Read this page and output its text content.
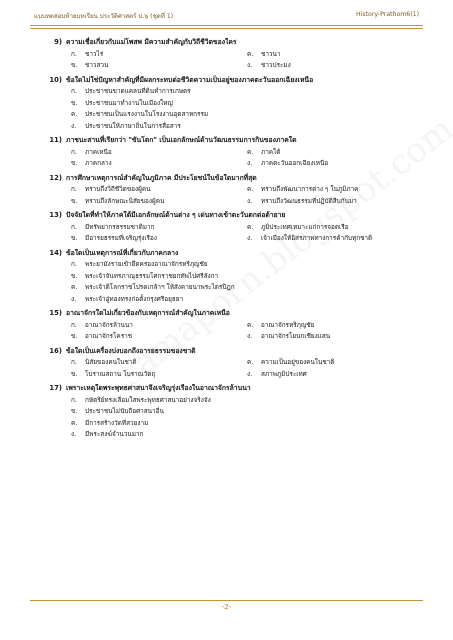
แบบทดสอบท้ายบทเรียน ประวัติศาสตร์ ป.๖ (ชุดที่ 1)	History-Prathom6(1)
9) ความเชื่อเกี่ยวกับแม่โพสพ มีความสำคัญกับวิถีชีวิตของใคร
ก. ชาวไร่	ค. ชาวนา
ข. ชาวสวน	ง. ชาวประมง
10) ข้อใดไม่ใช่ปัญหาสำคัญที่มีผลกระทบต่อชีวิตความเป็นอยู่ของภาคตะวันออกเฉียงเหนือ
ก. ประชาชนขาดแคลนที่ดินทำการเกษตร
ข. ประชาชนมาทำงานในเมืองใหญ่
ค. ประชาชนเป็นแรงงานในโรงงานอุตสาหกรรม
ง. ประชาชนให้ภาษาถิ่นในการสื่อสาร
11) ภาชนะสานที่เรียกว่า "ขันโตก" เป็นเอกลักษณ์ด้านวัฒนธรรมการกินของภาคใด
ก. ภาคเหนือ	ค. ภาคใต้
ข. ภาคกลาง	ง. ภาคตะวันออกเฉียงเหนือ
12) การศึกษาเหตุการณ์สำคัญในภูมิภาค มีประโยชน์ในข้อใดมากที่สุด
ก. ทราบถึงวิถีชีวิตของผู้คน	ค. ทราบถึงพัฒนาการต่าง ๆ ในภูมิภาค
ข. ทราบถึงลักษณะนิสัยของผู้คน	ง. ทราบถึงวัฒนธรรมที่ปฏิบัติสืบกันมา
13) ปัจจัยใดที่ทำให้ภาคใต้มีเอกลักษณ์ด้านต่าง ๆ เด่นทางเข้าตะวันตกต่อต้ายาย
ก. มีทรัพยากรธรรมชาติมาก	ค. ภูมิประเทศเหมาะแก่การจอดเรือ
ข. มีอารยธรรมที่เจริญรุ่งเรือง	ง. เจ้าเมืองให้อิสรภาพทางการค้ากับทุกชาติ
14) ข้อใดเป็นเหตุการณ์ที่เกี่ยวกับภาคกลาง
ก. พระยามังรายเข้ายึดครองอาณาจักรหริภุญชัย
ข. พระเจ้าจันทรภาณุธรรมโศกราชยกทัพไปศรีลังกา
ค. พระเจ้าติโลกราชโปรดเกล้าฯ ให้สังคายนาพระไตรปิฎก
ง. พระเจ้าอู่ทองทรงก่อตั้งกรุงศรีอยุธยา
15) อาณาจักรใดไม่เกี่ยวข้องกับเหตุการณ์สำคัญในภาคเหนือ
ก. อาณาจักรล้านนา	ค. อาณาจักรหริภุญชัย
ข. อาณาจักรโคราช	ง. อาณาจักรโยนกเชียงแสน
16) ข้อใดเป็นเครื่องบ่งบอกถึงอารยธรรมของชาติ
ก. นิสัยของคนในชาติ	ค. ความเป็นอยู่ของคนในชาติ
ข. โบราณสถาน โบราณวัตถุ	ง. สภาพภูมิประเทศ
17) เพราะเหตุใดพระพุทธศาสนาจึงเจริญรุ่งเรืองในอาณาจักรล้านนา
ก. กษัตริย์ทรงเลื่อมใสพระพุทธศาสนาอย่างจริงจัง
ข. ประชาชนไม่นับถือศาสนาอื่น
ค. มีการสร้างวัดที่สวยงาม
ง. มีพระสงฆ์จำนวนมาก
-2-
